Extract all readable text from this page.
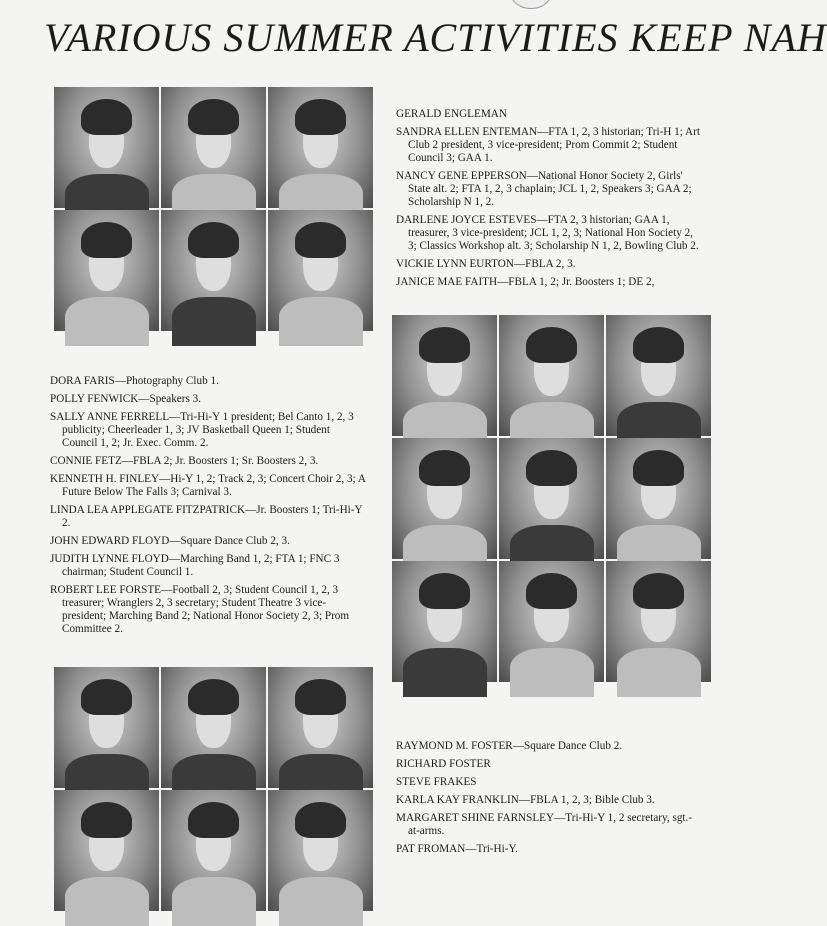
VARIOUS SUMMER ACTIVITIES KEEP NAH

DORA FARIS—Photography Club 1.

POLLY FENWICK—Speakers 3.

SALLY ANNE FERRELL—Tri-Hi-Y 1 president; Bel Canto 1, 2, 3 publicity; Cheerleader 1, 3; JV Basketball Queen 1; Student Council 1, 2; Jr. Exec. Comm. 2.

CONNIE FETZ—FBLA 2; Jr. Boosters 1; Sr. Boosters 2, 3.

KENNETH H. FINLEY—Hi-Y 1, 2; Track 2, 3; Concert Choir 2, 3; A Future Below The Falls 3; Carnival 3.

LINDA LEA APPLEGATE FITZPATRICK—Jr. Boosters 1; Tri-Hi-Y 2.

JOHN EDWARD FLOYD—Square Dance Club 2, 3.

JUDITH LYNNE FLOYD—Marching Band 1, 2; FTA 1; FNC 3 chairman; Student Council 1.

ROBERT LEE FORSTE—Football 2, 3; Student Council 1, 2, 3 treasurer; Wranglers 2, 3 secretary; Student Theatre 3 vice-president; Marching Band 2; National Honor Society 2, 3; Prom Committee 2.

GERALD ENGLEMAN

SANDRA ELLEN ENTEMAN—FTA 1, 2, 3 historian; Tri-H 1; Art Club 2 president, 3 vice-president; Prom Commit 2; Student Council 3; GAA 1.

NANCY GENE EPPERSON—National Honor Society 2, Girls' State alt. 2; FTA 1, 2, 3 chaplain; JCL 1, 2, Speakers 3; GAA 2; Scholarship N 1, 2.

DARLENE JOYCE ESTEVES—FTA 2, 3 historian; GAA 1, treasurer, 3 vice-president; JCL 1, 2, 3; National Hon Society 2, 3; Classics Workshop alt. 3; Scholarship N 1, 2, Bowling Club 2.

VICKIE LYNN EURTON—FBLA 2, 3.

JANICE MAE FAITH—FBLA 1, 2; Jr. Boosters 1; DE 2,

RAYMOND M. FOSTER—Square Dance Club 2.

RICHARD FOSTER

STEVE FRAKES

KARLA KAY FRANKLIN—FBLA 1, 2, 3; Bible Club 3.

MARGARET SHINE FARNSLEY—Tri-Hi-Y 1, 2 secretary, sgt.-at-arms.

PAT FROMAN—Tri-Hi-Y.
